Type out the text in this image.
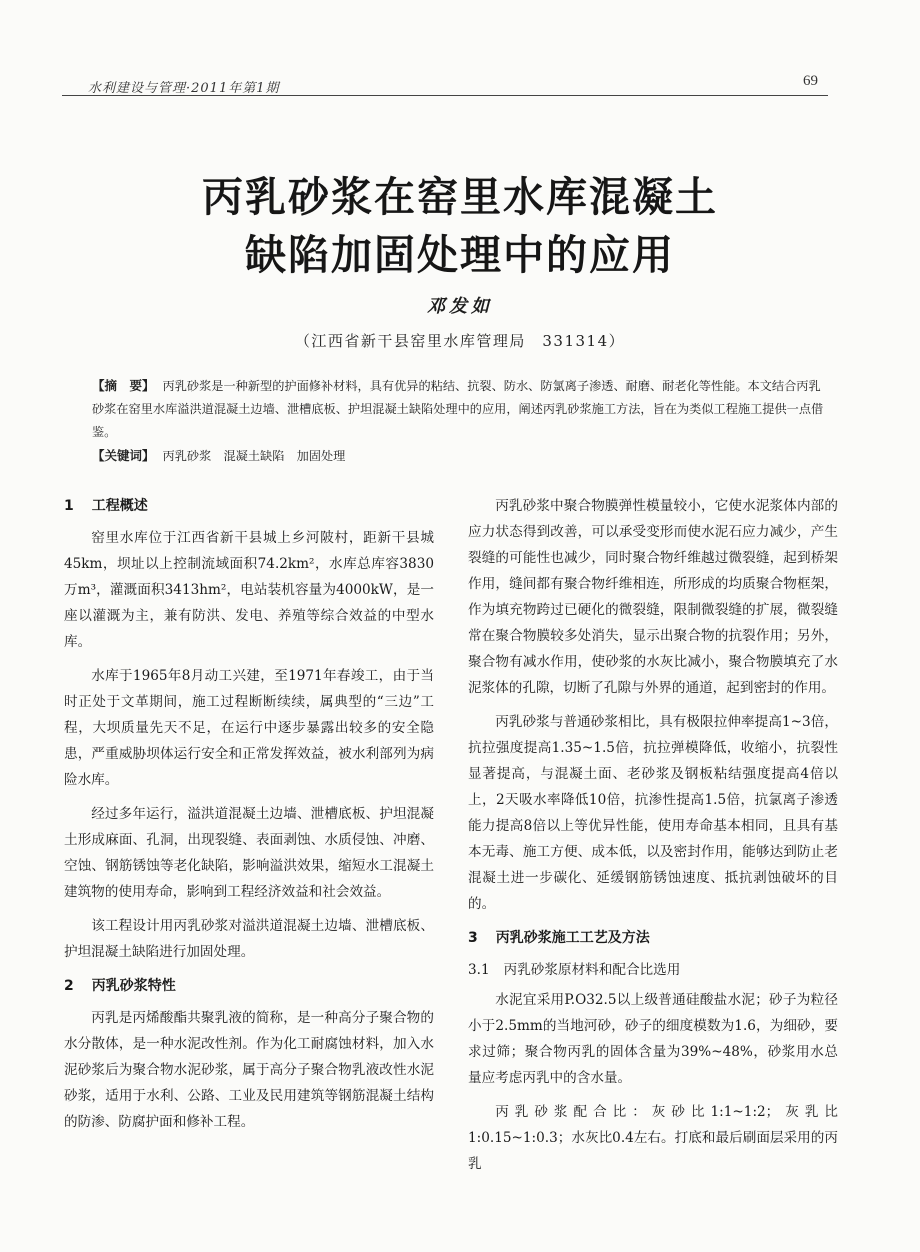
水利建设与管理·2011年第1期	69
丙乳砂浆在窑里水库混凝土
缺陷加固处理中的应用
邓发如
（江西省新干县窑里水库管理局　331314）

【摘　要】 丙乳砂浆是一种新型的护面修补材料，具有优异的粘结、抗裂、防水、防氯离子渗透、耐磨、耐老化等性能。本文结合丙乳砂浆在窑里水库溢洪道混凝土边墙、泄槽底板、护坦混凝土缺陷处理中的应用，阐述丙乳砂浆施工方法，旨在为类似工程施工提供一点借鉴。

【关键词】 丙乳砂浆　混凝土缺陷　加固处理

1 工程概述

窑里水库位于江西省新干县城上乡河陂村，距新干县城45km，坝址以上控制流域面积74.2km²，水库总库容3830万m³，灌溉面积3413hm²，电站装机容量为4000kW，是一座以灌溉为主，兼有防洪、发电、养殖等综合效益的中型水库。

水库于1965年8月动工兴建，至1971年春竣工，由于当时正处于文革期间，施工过程断断续续，属典型的“三边”工程，大坝质量先天不足，在运行中逐步暴露出较多的安全隐患，严重威胁坝体运行安全和正常发挥效益，被水利部列为病险水库。

经过多年运行，溢洪道混凝土边墙、泄槽底板、护坦混凝土形成麻面、孔洞，出现裂缝、表面剥蚀、水质侵蚀、冲磨、空蚀、钢筋锈蚀等老化缺陷，影响溢洪效果，缩短水工混凝土建筑物的使用寿命，影响到工程经济效益和社会效益。

该工程设计用丙乳砂浆对溢洪道混凝土边墙、泄槽底板、护坦混凝土缺陷进行加固处理。

2 丙乳砂浆特性

丙乳是丙烯酸酯共聚乳液的简称，是一种高分子聚合物的水分散体，是一种水泥改性剂。作为化工耐腐蚀材料，加入水泥砂浆后为聚合物水泥砂浆，属于高分子聚合物乳液改性水泥砂浆，适用于水利、公路、工业及民用建筑等钢筋混凝土结构的防渗、防腐护面和修补工程。

丙乳砂浆中聚合物膜弹性模量较小，它使水泥浆体内部的应力状态得到改善，可以承受变形而使水泥石应力减少，产生裂缝的可能性也减少，同时聚合物纤维越过微裂缝，起到桥架作用，缝间都有聚合物纤维相连，所形成的均质聚合物框架，作为填充物跨过已硬化的微裂缝，限制微裂缝的扩展，微裂缝常在聚合物膜较多处消失，显示出聚合物的抗裂作用；另外，聚合物有减水作用，使砂浆的水灰比减小，聚合物膜填充了水泥浆体的孔隙，切断了孔隙与外界的通道，起到密封的作用。

丙乳砂浆与普通砂浆相比，具有极限拉伸率提高1~3倍，抗拉强度提高1.35~1.5倍，抗拉弹模降低，收缩小，抗裂性显著提高，与混凝土面、老砂浆及钢板粘结强度提高4倍以上，2天吸水率降低10倍，抗渗性提高1.5倍，抗氯离子渗透能力提高8倍以上等优异性能，使用寿命基本相同，且具有基本无毒、施工方便、成本低，以及密封作用，能够达到防止老混凝土进一步碳化、延缓钢筋锈蚀速度、抵抗剥蚀破坏的目的。

3 丙乳砂浆施工工艺及方法
3.1 丙乳砂浆原材料和配合比选用

水泥宜采用P.O32.5以上级普通硅酸盐水泥；砂子为粒径小于2.5mm的当地河砂，砂子的细度模数为1.6，为细砂，要求过筛；聚合物丙乳的固体含量为39%~48%，砂浆用水总量应考虑丙乳中的含水量。

丙乳砂浆配合比：灰砂比1:1~1:2；灰乳比1:0.15~1:0.3；水灰比0.4左右。打底和最后刷面层采用的丙乳
